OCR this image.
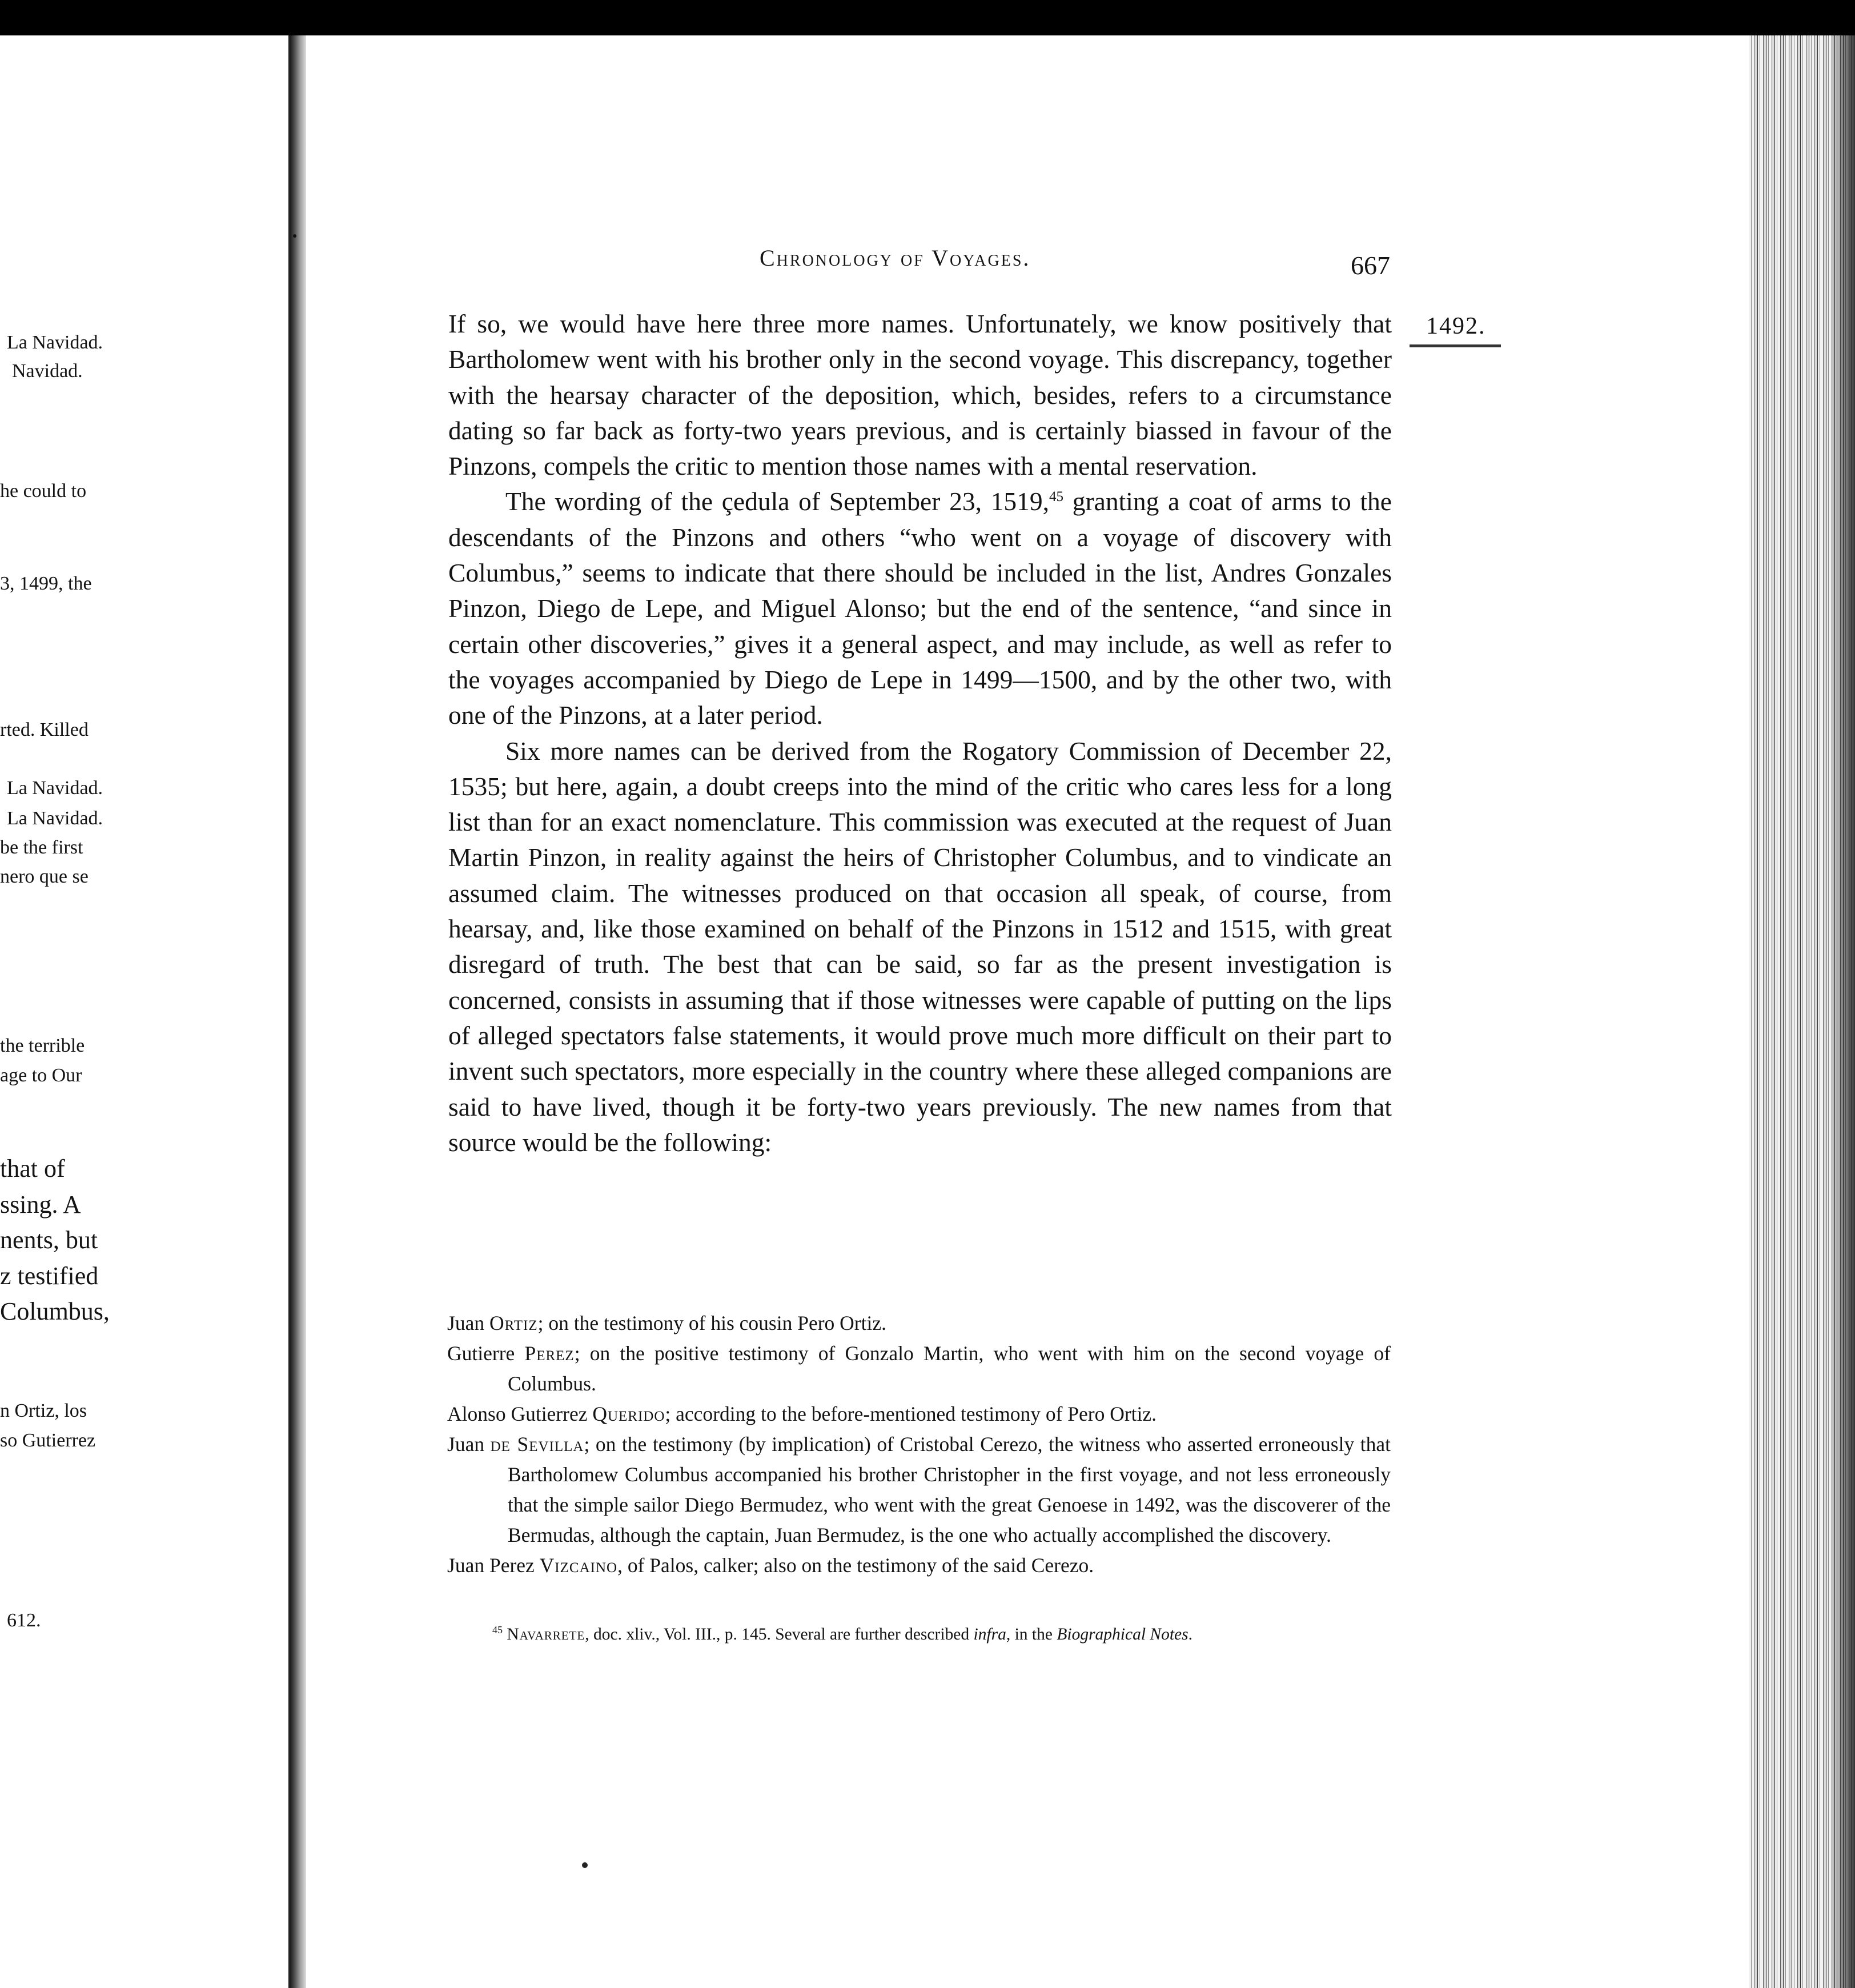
La Navidad.
Navidad.
he could to
3, 1499, the
rted. Killed
La Navidad.
La Navidad.
be the first
nero que se
the terrible
age to Our
that of
ssing. A
nents, but
z testified
Columbus,
n Ortiz, los
so Gutierrez
612.
Chronology of Voyages.	667
1492.

If so, we would have here three more names. Unfortunately, we know positively that Bartholomew went with his brother only in the second voyage. This discrepancy, together with the hearsay character of the deposition, which, besides, refers to a circumstance dating so far back as forty-two years previous, and is certainly biassed in favour of the Pinzons, compels the critic to mention those names with a mental reservation.

The wording of the çedula of September 23, 1519,45 granting a coat of arms to the descendants of the Pinzons and others “who went on a voyage of discovery with Columbus,” seems to indicate that there should be included in the list, Andres Gonzales Pinzon, Diego de Lepe, and Miguel Alonso; but the end of the sentence, “and since in certain other discoveries,” gives it a general aspect, and may include, as well as refer to the voyages accompanied by Diego de Lepe in 1499—1500, and by the other two, with one of the Pinzons, at a later period.

Six more names can be derived from the Rogatory Commission of December 22, 1535; but here, again, a doubt creeps into the mind of the critic who cares less for a long list than for an exact nomenclature. This commission was executed at the request of Juan Martin Pinzon, in reality against the heirs of Christopher Columbus, and to vindicate an assumed claim. The witnesses produced on that occasion all speak, of course, from hearsay, and, like those examined on behalf of the Pinzons in 1512 and 1515, with great disregard of truth. The best that can be said, so far as the present investigation is concerned, consists in assuming that if those witnesses were capable of putting on the lips of alleged spectators false statements, it would prove much more difficult on their part to invent such spectators, more especially in the country where these alleged companions are said to have lived, though it be forty-two years previously. The new names from that source would be the following:

Juan Ortiz; on the testimony of his cousin Pero Ortiz.

Gutierre Perez; on the positive testimony of Gonzalo Martin, who went with him on the second voyage of Columbus.

Alonso Gutierrez Querido; according to the before-mentioned testimony of Pero Ortiz.

Juan de Sevilla; on the testimony (by implication) of Cristobal Cerezo, the witness who asserted erroneously that Bartholomew Columbus accompanied his brother Christopher in the first voyage, and not less erroneously that the simple sailor Diego Bermudez, who went with the great Genoese in 1492, was the discoverer of the Bermudas, although the captain, Juan Bermudez, is the one who actually accomplished the discovery.

Juan Perez Vizcaino, of Palos, calker; also on the testimony of the said Cerezo.

$^{45}$ Navarrete, doc. xliv., Vol. III., p. 145. Several are further described infra, in the Biographical Notes.
